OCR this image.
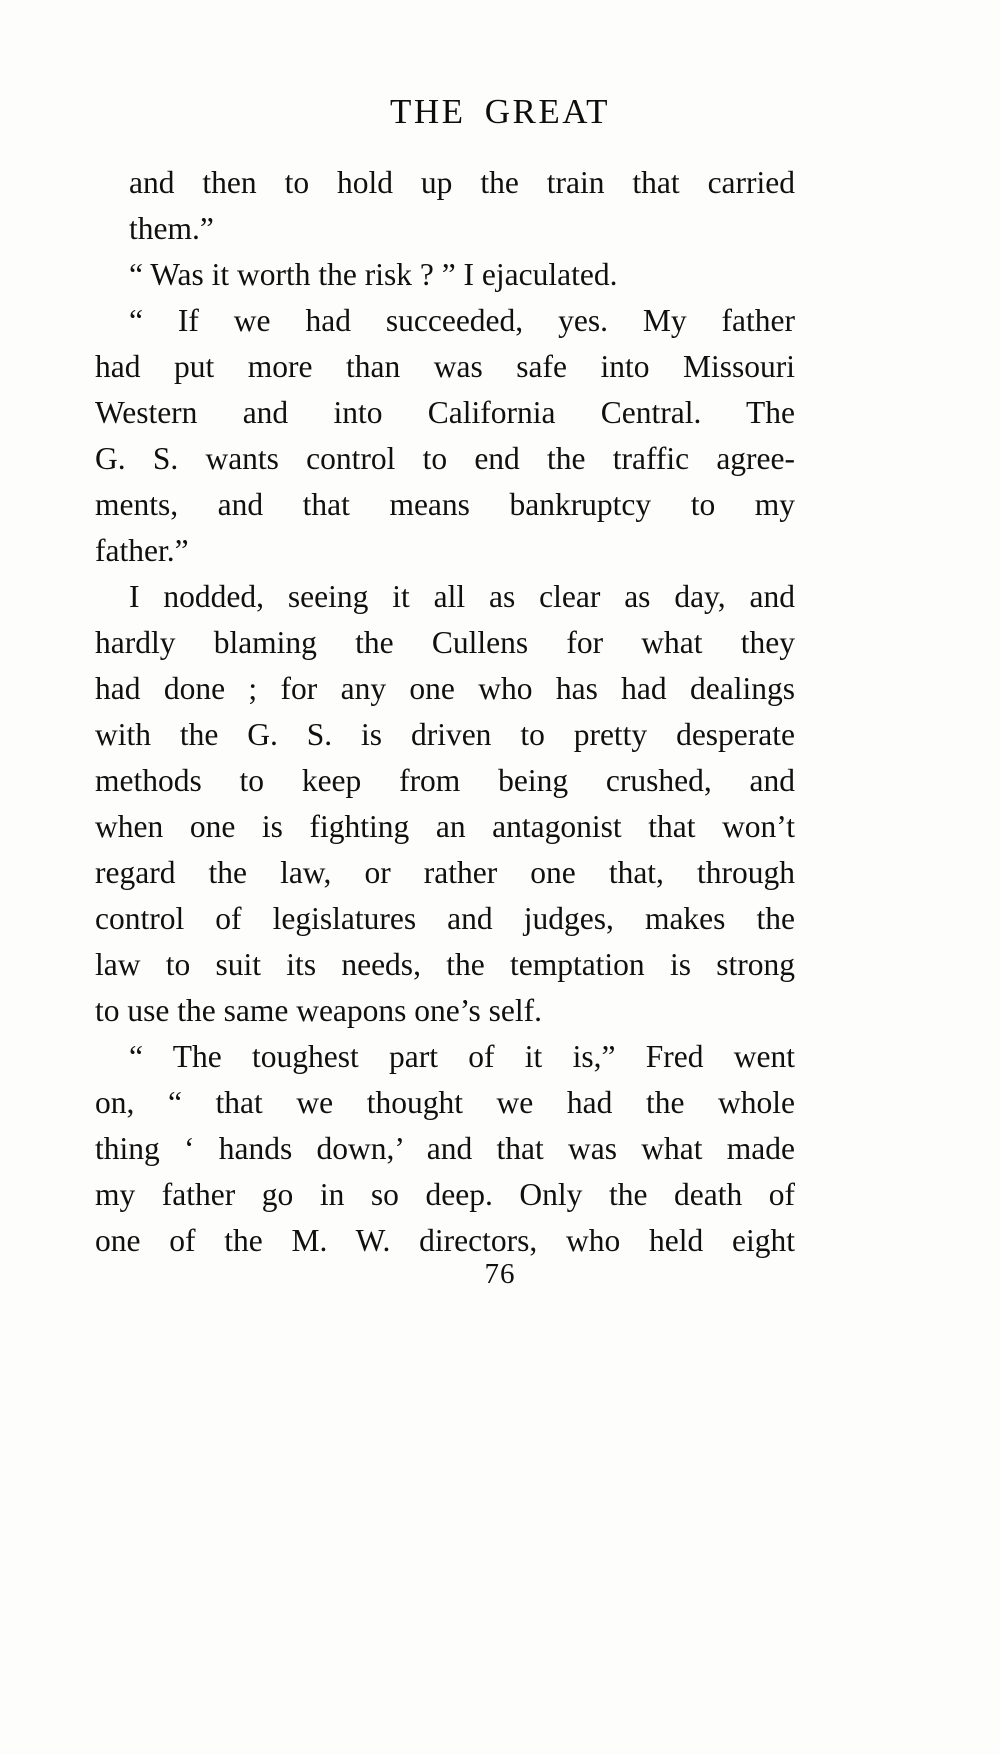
THE GREAT

and then to hold up the train that carried
them.”

“ Was it worth the risk ? ” I ejaculated.

“ If we had succeeded, yes. My father
had put more than was safe into Missouri
Western and into California Central. The
G. S. wants control to end the traffic agree-
ments, and that means bankruptcy to my
father.”

I nodded, seeing it all as clear as day, and
hardly blaming the Cullens for what they
had done ; for any one who has had dealings
with the G. S. is driven to pretty desperate
methods to keep from being crushed, and
when one is fighting an antagonist that won’t
regard the law, or rather one that, through
control of legislatures and judges, makes the
law to suit its needs, the temptation is strong
to use the same weapons one’s self.

“ The toughest part of it is,” Fred went
on, “ that we thought we had the whole
thing ‘ hands down,’ and that was what made
my father go in so deep. Only the death of
one of the M. W. directors, who held eight

76
